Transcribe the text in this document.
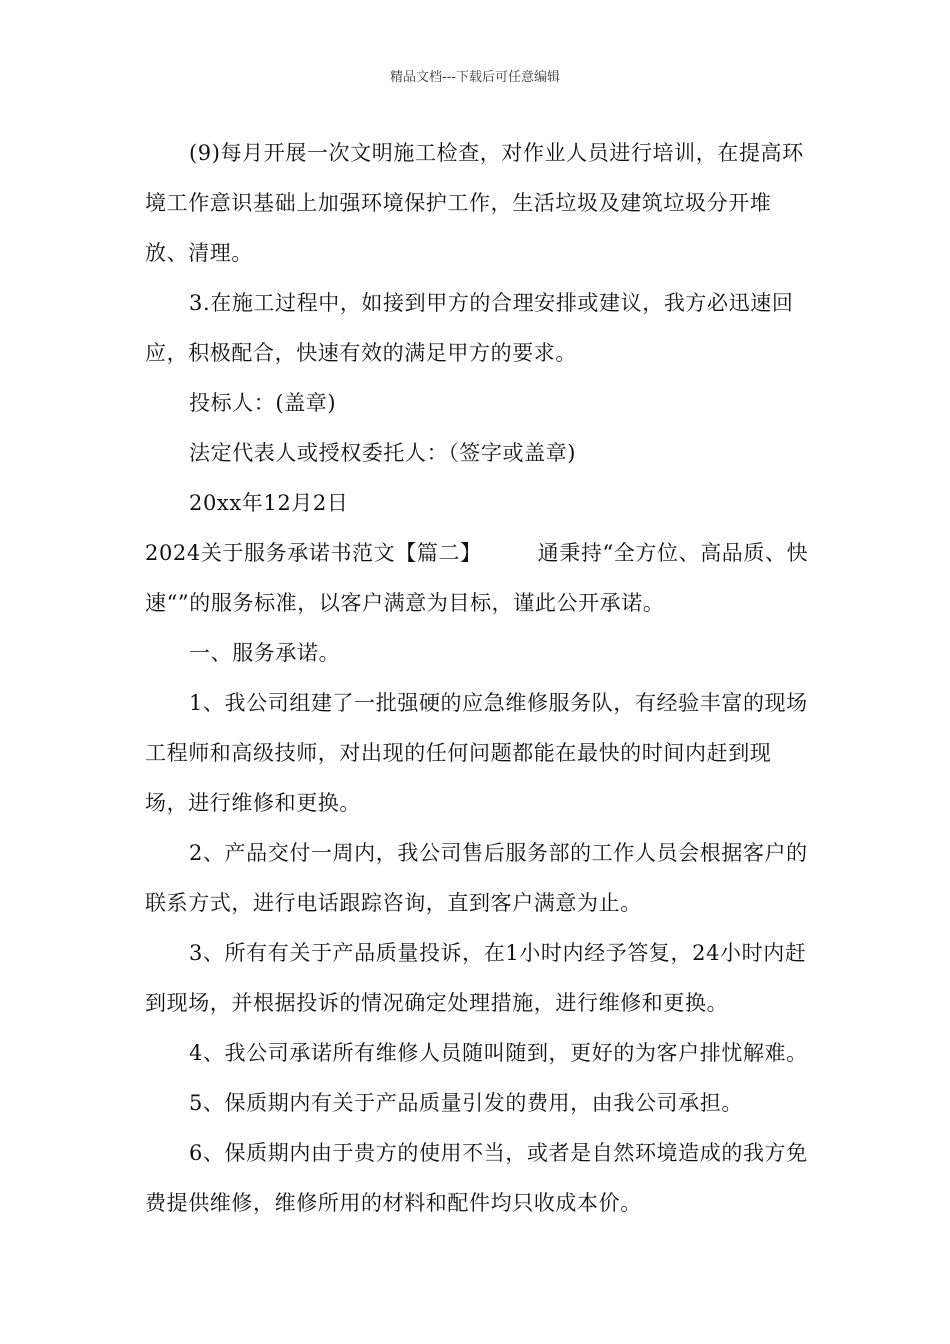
精品文档---下载后可任意编辑

(9)每月开展一次文明施工检查，对作业人员进行培训，在提高环境工作意识基础上加强环境保护工作，生活垃圾及建筑垃圾分开堆放、清理。

3.在施工过程中，如接到甲方的合理安排或建议，我方必迅速回应，积极配合，快速有效的满足甲方的要求。

投标人：(盖章)

法定代表人或授权委托人：（签字或盖章)

20xx年12月2日

2024关于服务承诺书范文【篇二】	通秉持“全方位、高品质、快速“”的服务标准，以客户满意为目标，谨此公开承诺。

一、服务承诺。

1、我公司组建了一批强硬的应急维修服务队，有经验丰富的现场工程师和高级技师，对出现的任何问题都能在最快的时间内赶到现场，进行维修和更换。

2、产品交付一周内，我公司售后服务部的工作人员会根据客户的联系方式，进行电话跟踪咨询，直到客户满意为止。

3、所有有关于产品质量投诉，在1小时内经予答复，24小时内赶到现场，并根据投诉的情况确定处理措施，进行维修和更换。

4、我公司承诺所有维修人员随叫随到，更好的为客户排忧解难。

5、保质期内有关于产品质量引发的费用，由我公司承担。

6、保质期内由于贵方的使用不当，或者是自然环境造成的我方免费提供维修，维修所用的材料和配件均只收成本价。
